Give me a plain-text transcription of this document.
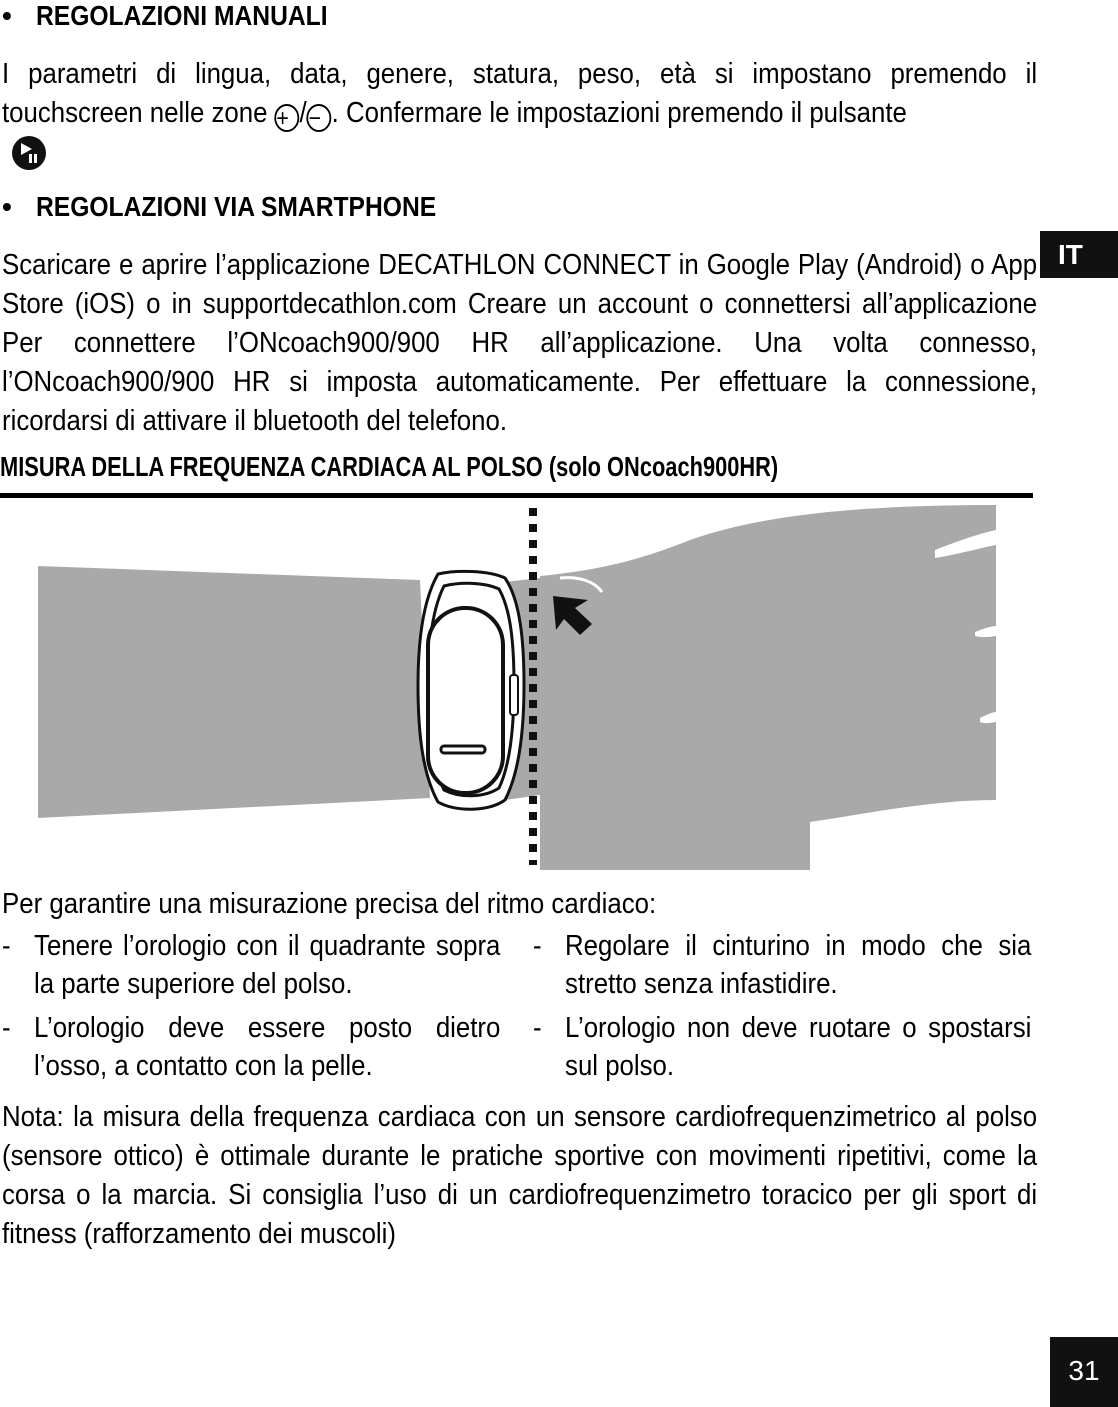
• REGOLAZIONI MANUALI
I parametri di lingua, data, genere, statura, peso, età si impostano premendo il touchscreen nelle zone + /− . Confermare le impostazioni premendo il pulsante
• REGOLAZIONI VIA SMARTPHONE
Scaricare e aprire l’applicazione DECATHLON CONNECT in Google Play (Android) o App Store (iOS) o in supportdecathlon.com Creare un account o connettersi all’applicazione Per connettere l’ONcoach900/900 HR all’applicazione. Una volta connesso, l’ONcoach900/900 HR si imposta automaticamente. Per effettuare la connessione, ricordarsi di attivare il bluetooth del telefono.
IT
MISURA DELLA FREQUENZA CARDIACA AL POLSO (solo ONcoach900HR)
Per garantire una misurazione precisa del ritmo cardiaco:
- Tenere l’orologio con il quadrante sopra la parte superiore del polso.
- L’orologio deve essere posto dietro l’osso, a contatto con la pelle.
- Regolare il cinturino in modo che sia stretto senza infastidire.
- L’orologio non deve ruotare o spostarsi sul polso.
Nota: la misura della frequenza cardiaca con un sensore cardiofrequenzimetrico al polso (sensore ottico) è ottimale durante le pratiche sportive con movimenti ripetitivi, come la corsa o la marcia. Si consiglia l’uso di un cardiofrequenzimetro toracico per gli sport di fitness (rafforzamento dei muscoli)
31
